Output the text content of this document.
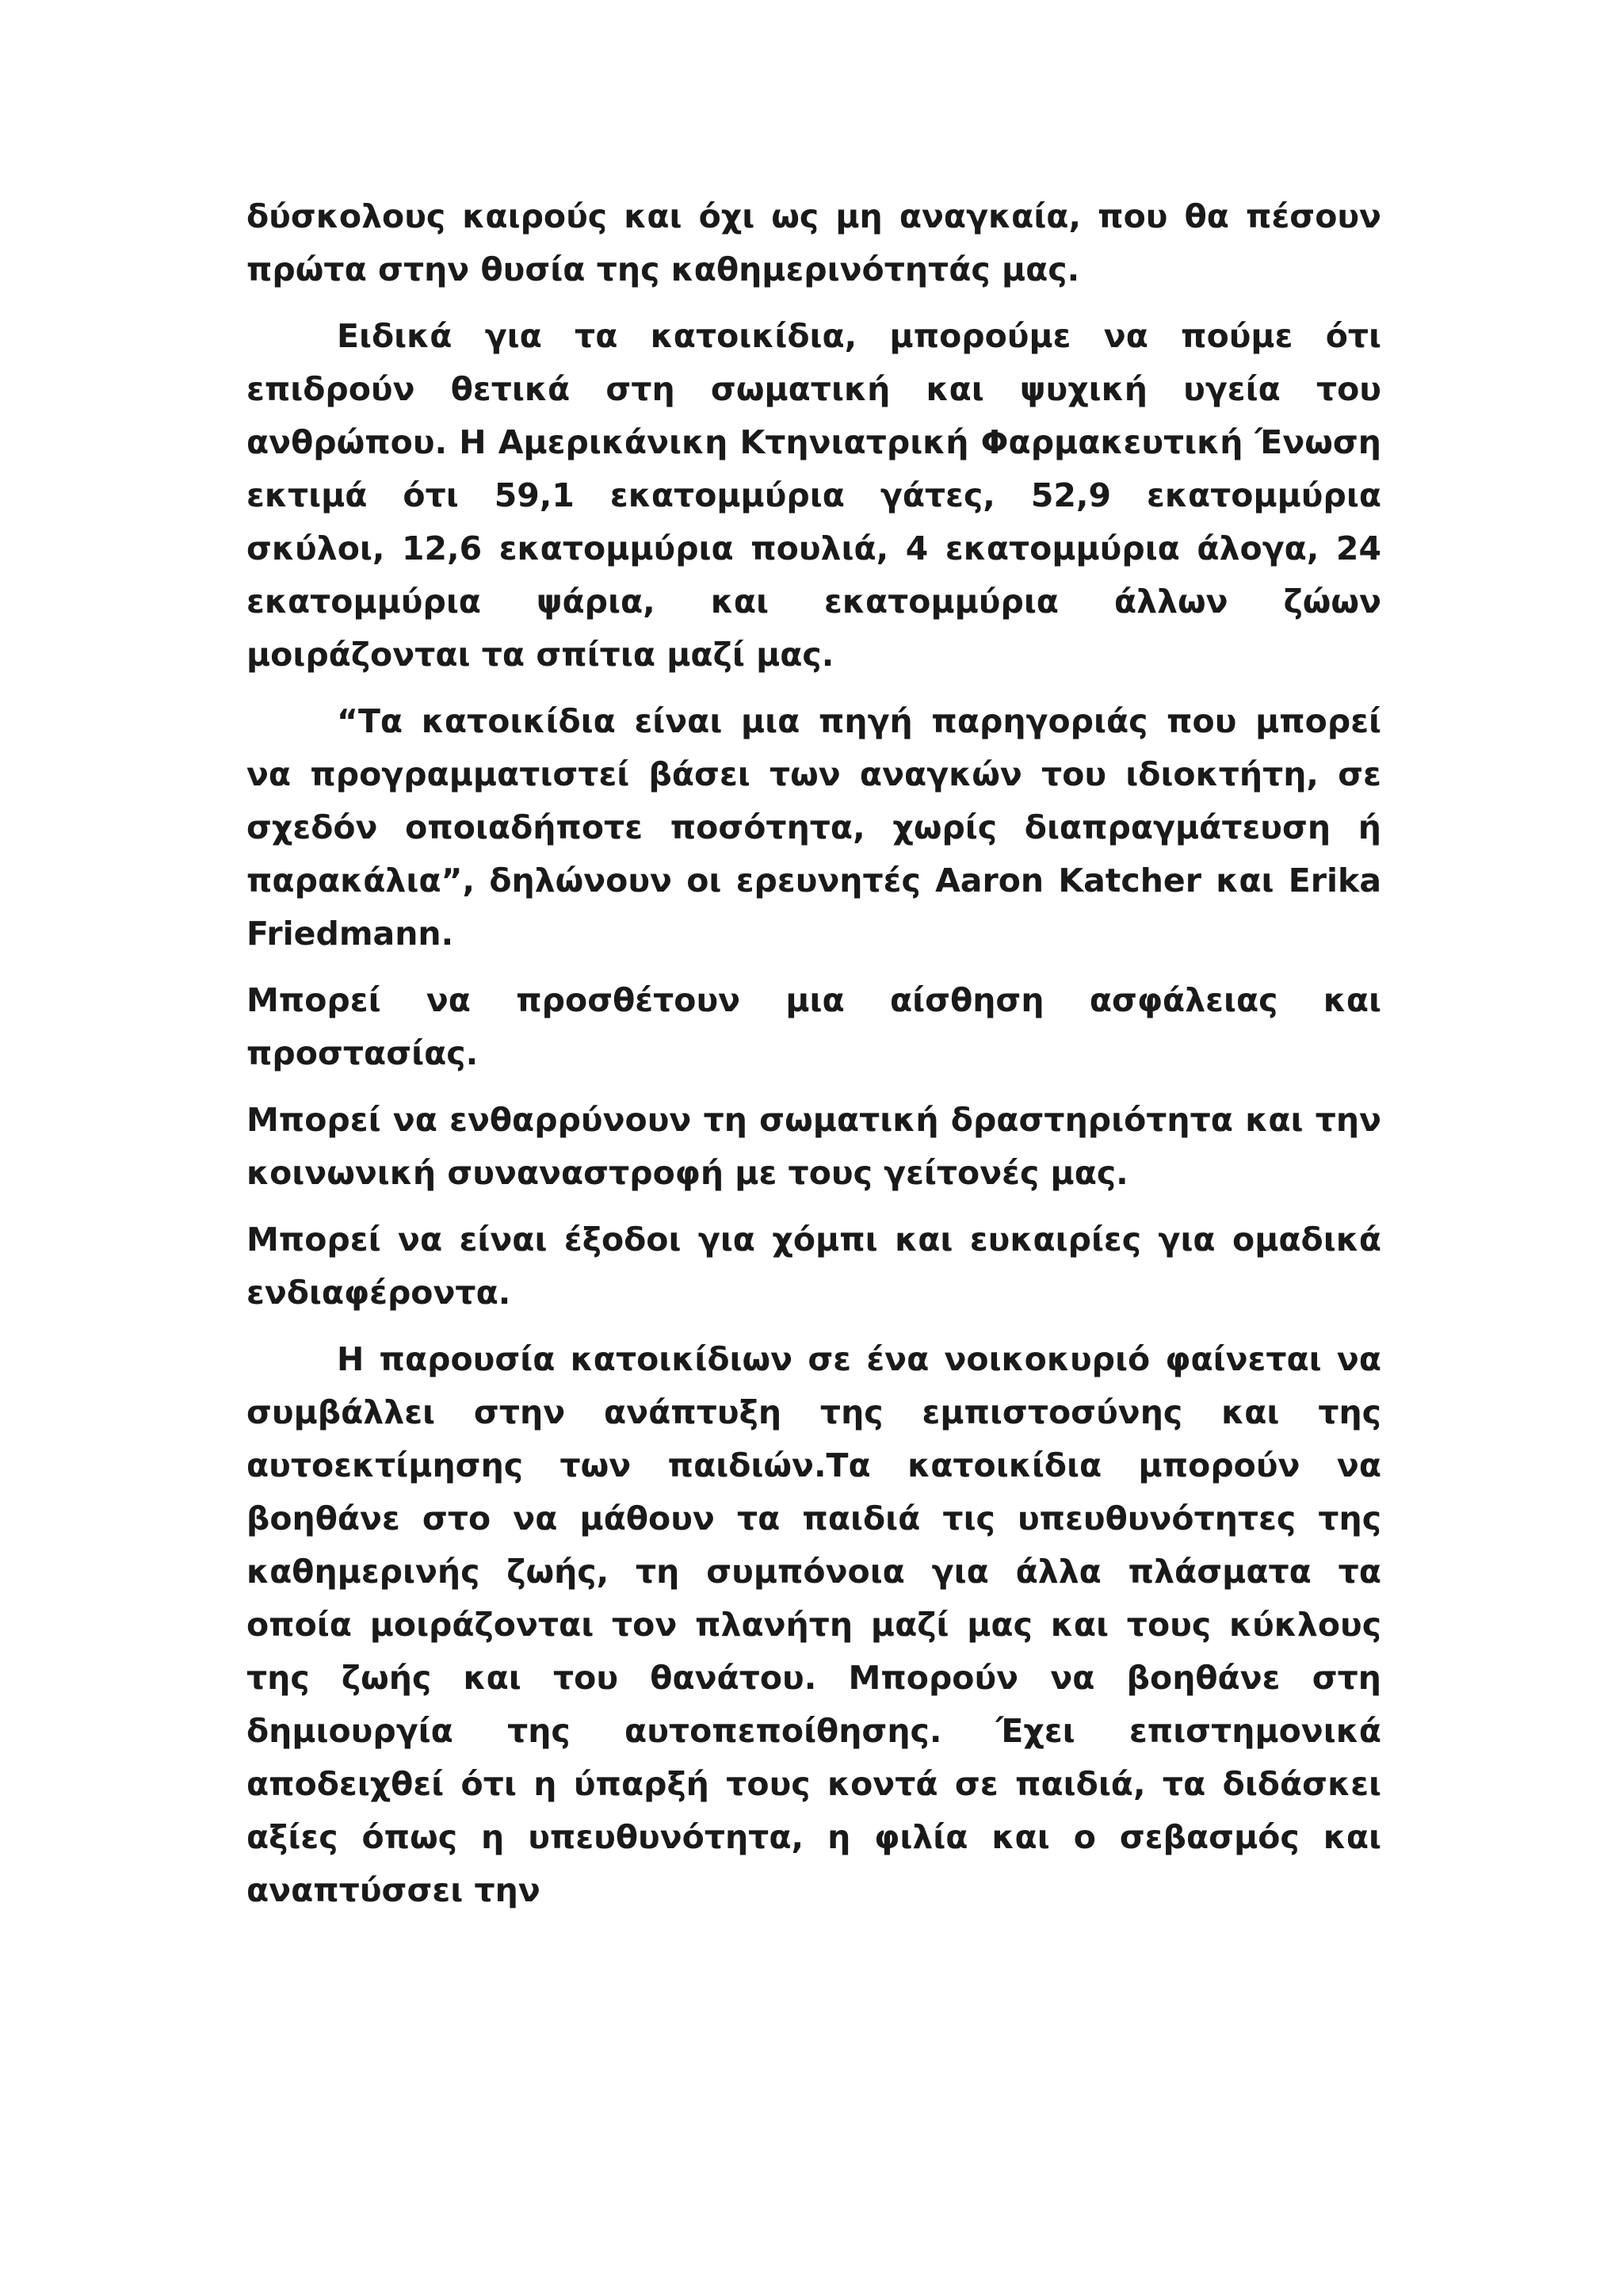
δύσκολους καιρούς και όχι ως μη αναγκαία, που θα πέσουν πρώτα στην θυσία της καθημερινότητάς μας.

Ειδικά για τα κατοικίδια, μπορούμε να πούμε ότι επιδρούν θετικά στη σωματική και ψυχική υγεία του ανθρώπου. Η Αμερικάνικη Κτηνιατρική Φαρμακευτική Ένωση εκτιμά ότι 59,1 εκατομμύρια γάτες, 52,9 εκατομμύρια σκύλοι, 12,6 εκατομμύρια πουλιά, 4 εκατομμύρια άλογα, 24 εκατομμύρια ψάρια, και εκατομμύρια άλλων ζώων μοιράζονται τα σπίτια μαζί μας.

“Τα κατοικίδια είναι μια πηγή παρηγοριάς που μπορεί να προγραμματιστεί βάσει των αναγκών του ιδιοκτήτη, σε σχεδόν οποιαδήποτε ποσότητα, χωρίς διαπραγμάτευση ή παρακάλια”, δηλώνουν οι ερευνητές Aaron Katcher και Erika Friedmann.

Μπορεί να προσθέτουν μια αίσθηση ασφάλειας και προστασίας.

Μπορεί να ενθαρρύνουν τη σωματική δραστηριότητα και την κοινωνική συναναστροφή με τους γείτονές μας.

Μπορεί να είναι έξοδοι για χόμπι και ευκαιρίες για ομαδικά ενδιαφέροντα.

Η παρουσία κατοικίδιων σε ένα νοικοκυριό φαίνεται να συμβάλλει στην ανάπτυξη της εμπιστοσύνης και της αυτοεκτίμησης των παιδιών.Τα κατοικίδια μπορούν να βοηθάνε στο να μάθουν τα παιδιά τις υπευθυνότητες της καθημερινής ζωής, τη συμπόνοια για άλλα πλάσματα τα οποία μοιράζονται τον πλανήτη μαζί μας και τους κύκλους της ζωής και του θανάτου. Μπορούν να βοηθάνε στη δημιουργία της αυτοπεποίθησης. Έχει επιστημονικά αποδειχθεί ότι η ύπαρξή τους κοντά σε παιδιά, τα διδάσκει αξίες όπως η υπευθυνότητα, η φιλία και ο σεβασμός και αναπτύσσει την
